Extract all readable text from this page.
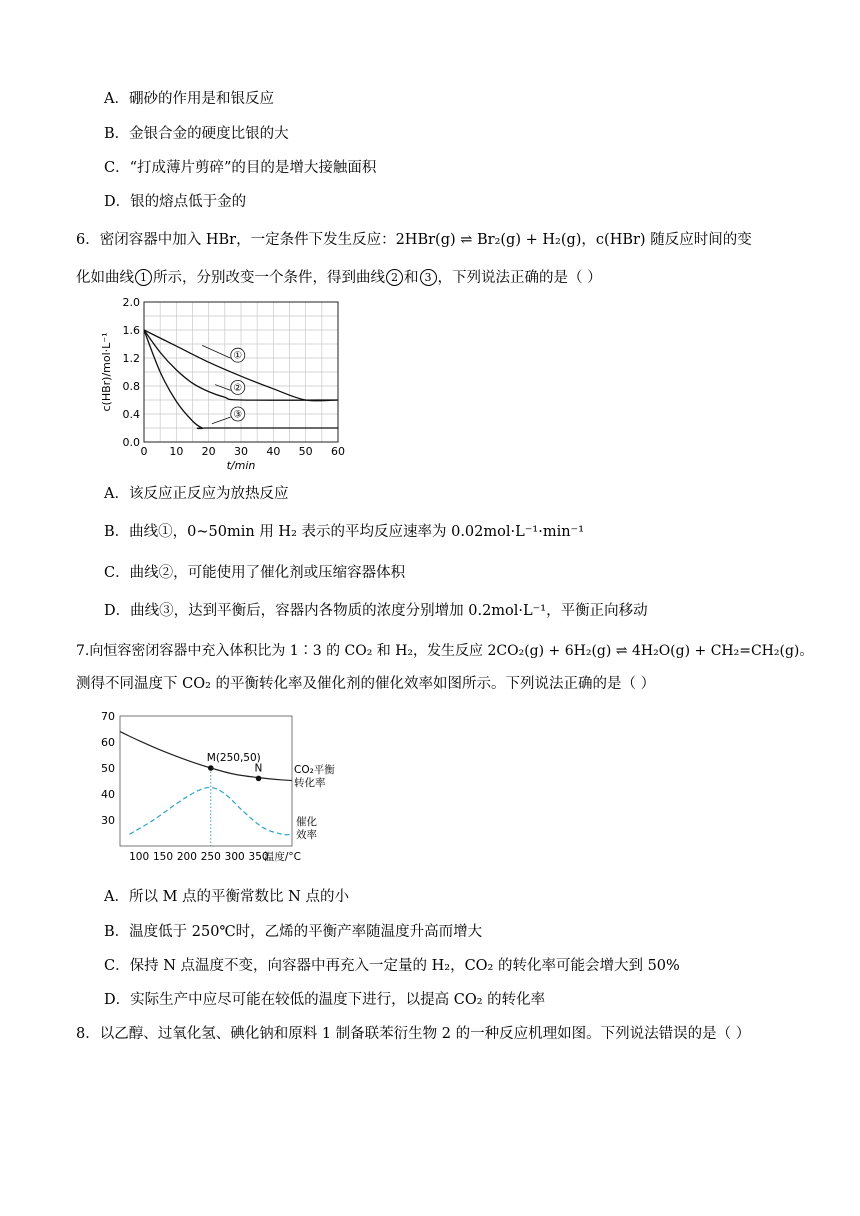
A．硼砂的作用是和银反应
B．金银合金的硬度比银的大
C．“打成薄片剪碎”的目的是增大接触面积
D．银的熔点低于金的
6．密闭容器中加入 HBr，一定条件下发生反应：2HBr(g) ⇌ Br₂(g) + H₂(g)，c(HBr) 随反应时间的变
化如曲线 1 所示，分别改变一个条件，得到曲线 2 和 3 ，下列说法正确的是（ ）
0.0
0.4
0.8
1.2
1.6
2.0
0 10 20 30 40 50 60
t/min
c(HBr)/mol·L⁻¹	①
②
③
A．该反应正反应为放热反应
B．曲线①，0~50min 用 H₂ 表示的平均反应速率为 0.02mol·L⁻¹·min⁻¹
C．曲线②，可能使用了催化剂或压缩容器体积
D．曲线③，达到平衡后，容器内各物质的浓度分别增加 0.2mol·L⁻¹，平衡正向移动
7.向恒容密闭容器中充入体积比为 1∶3 的 CO₂ 和 H₂，发生反应 2CO₂(g) + 6H₂(g) ⇌ 4H₂O(g) + CH₂=CH₂(g)。
测得不同温度下 CO₂ 的平衡转化率及催化剂的催化效率如图所示。下列说法正确的是（ ）
30
40
50
60
70
100 150 200 250 300 350
温度/°C
M(250,50)
N	CO₂平衡
转化率
催化
效率
A．所以 M 点的平衡常数比 N 点的小
B．温度低于 250℃时，乙烯的平衡产率随温度升高而增大
C．保持 N 点温度不变，向容器中再充入一定量的 H₂，CO₂ 的转化率可能会增大到 50%
D．实际生产中应尽可能在较低的温度下进行，以提高 CO₂ 的转化率
8．以乙醇、过氧化氢、碘化钠和原料 1 制备联苯衍生物 2 的一种反应机理如图。下列说法错误的是（ ）
